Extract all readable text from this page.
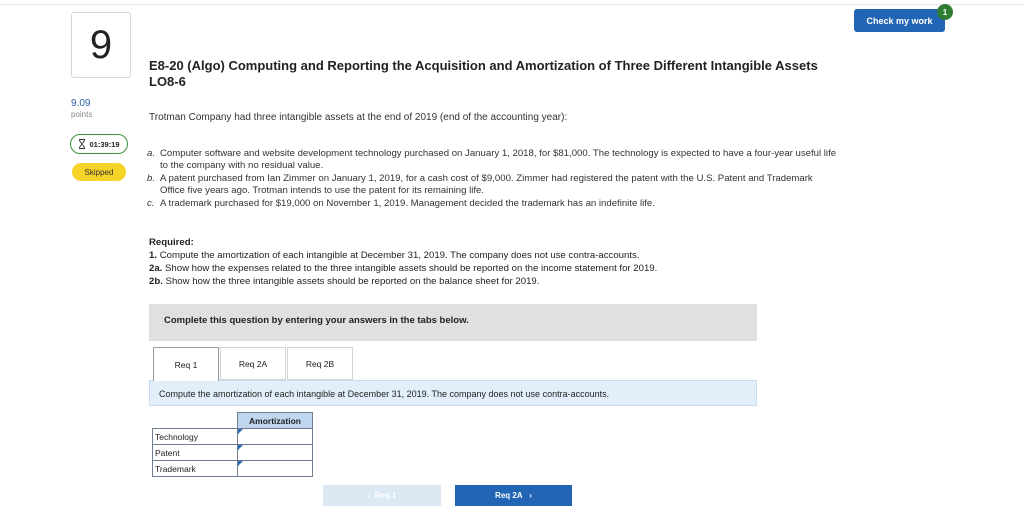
9
9.09
points
01:39:19
Skipped
Check my work
1
E8-20 (Algo) Computing and Reporting the Acquisition and Amortization of Three Different Intangible Assets LO8-6
Trotman Company had three intangible assets at the end of 2019 (end of the accounting year):
a. Computer software and website development technology purchased on January 1, 2018, for $81,000. The technology is expected to have a four-year useful life to the company with no residual value.
b. A patent purchased from Ian Zimmer on January 1, 2019, for a cash cost of $9,000. Zimmer had registered the patent with the U.S. Patent and Trademark Office five years ago. Trotman intends to use the patent for its remaining life.
c. A trademark purchased for $19,000 on November 1, 2019. Management decided the trademark has an indefinite life.
Required:
1. Compute the amortization of each intangible at December 31, 2019. The company does not use contra-accounts.
2a. Show how the expenses related to the three intangible assets should be reported on the income statement for 2019.
2b. Show how the three intangible assets should be reported on the balance sheet for 2019.
Complete this question by entering your answers in the tabs below.
Req 1	Req 2A	Req 2B
Compute the amortization of each intangible at December 31, 2019. The company does not use contra-accounts.
	Amortization
Technology	
Patent	
Trademark	
‹ Req 1	Req 2A ›
